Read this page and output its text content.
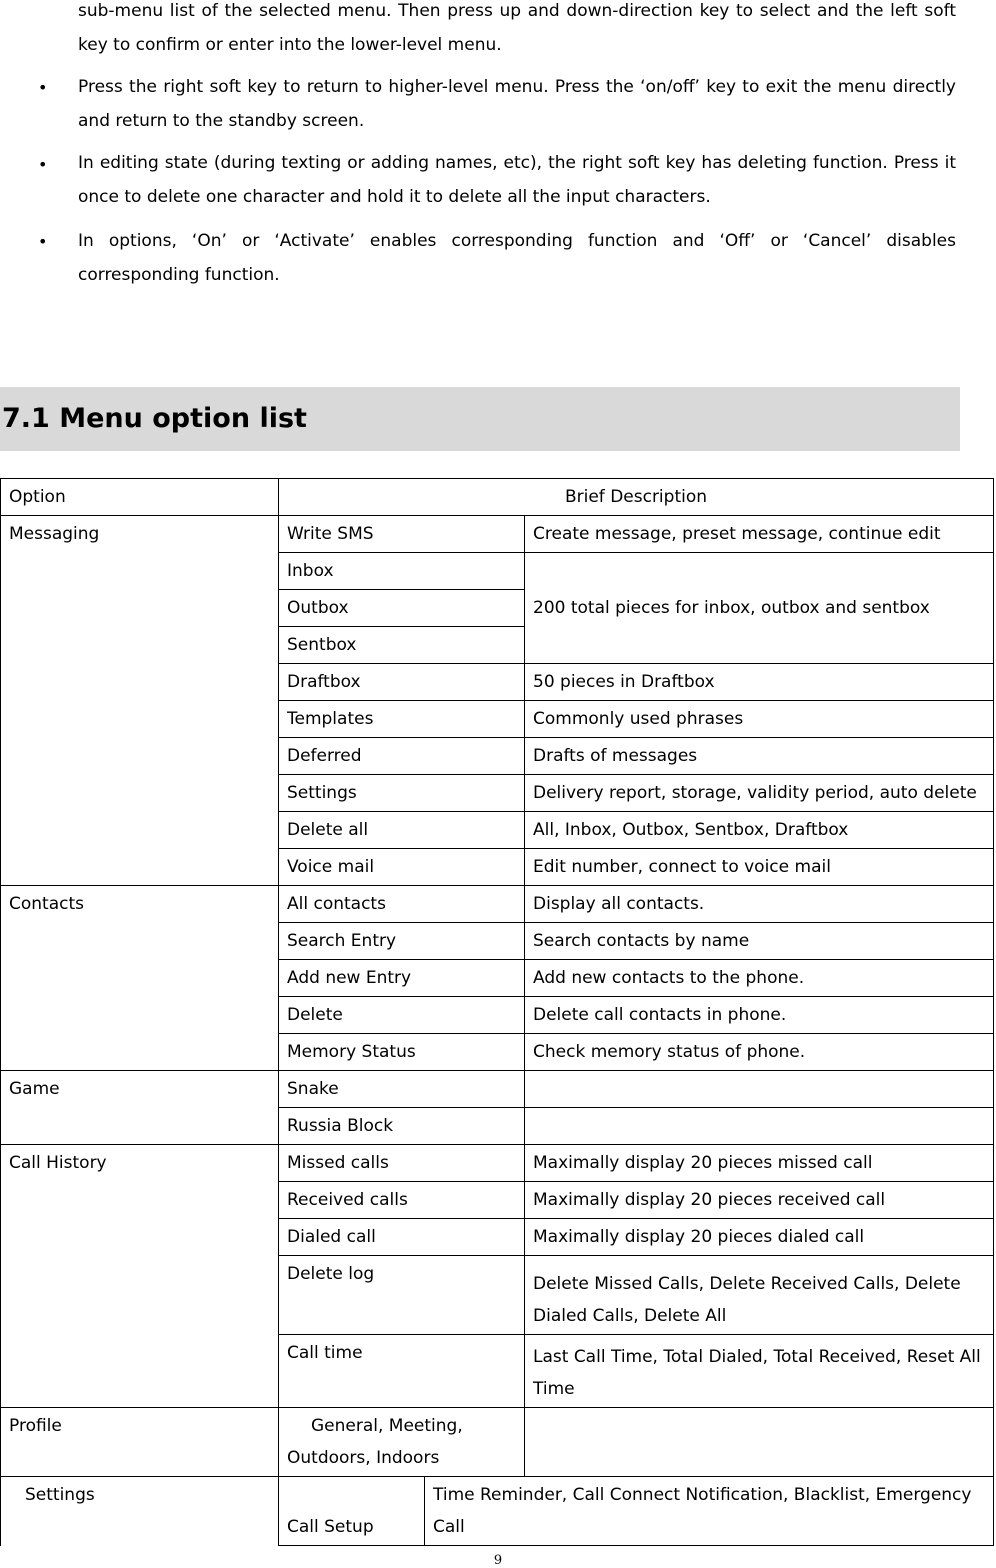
sub-menu list of the selected menu. Then press up and down-direction key to select and the left soft key to confirm or enter into the lower-level menu.
•
Press the right soft key to return to higher-level menu. Press the ‘on/off’ key to exit the menu directly and return to the standby screen.
•
In editing state (during texting or adding names, etc), the right soft key has deleting function. Press it once to delete one character and hold it to delete all the input characters.
•
In options, ‘On’ or ‘Activate’ enables corresponding function and ‘Off’ or ‘Cancel’ disables corresponding function.
7.1 Menu option list
Option	Brief Description		
Messaging	Write SMS		Create message, preset message, continue edit
	Inbox		200 total pieces for inbox, outbox and sentbox
	Outbox		
	Sentbox		
	Draftbox		50 pieces in Draftbox
	Templates		Commonly used phrases
	Deferred		Drafts of messages
	Settings		Delivery report, storage, validity period, auto delete
	Delete all		All, Inbox, Outbox, Sentbox, Draftbox
	Voice mail		Edit number, connect to voice mail
Contacts	All contacts		Display all contacts.
	Search Entry		Search contacts by name
	Add new Entry		Add new contacts to the phone.
	Delete		Delete call contacts in phone.
	Memory Status		Check memory status of phone.
Game	Snake		
	Russia Block		
Call History	Missed calls		Maximally display 20 pieces missed call
	Received calls		Maximally display 20 pieces received call
	Dialed call		Maximally display 20 pieces dialed call
	Delete log		Delete Missed Calls, Delete Received Calls, Delete Dialed Calls, Delete All
	Call time		Last Call Time, Total Dialed, Total Received, Reset All Time
Profile	General, Meeting, Outdoors, Indoors		
Settings	Call Setup	Time Reminder, Call Connect Notification, Blacklist, Emergency Call	
9
